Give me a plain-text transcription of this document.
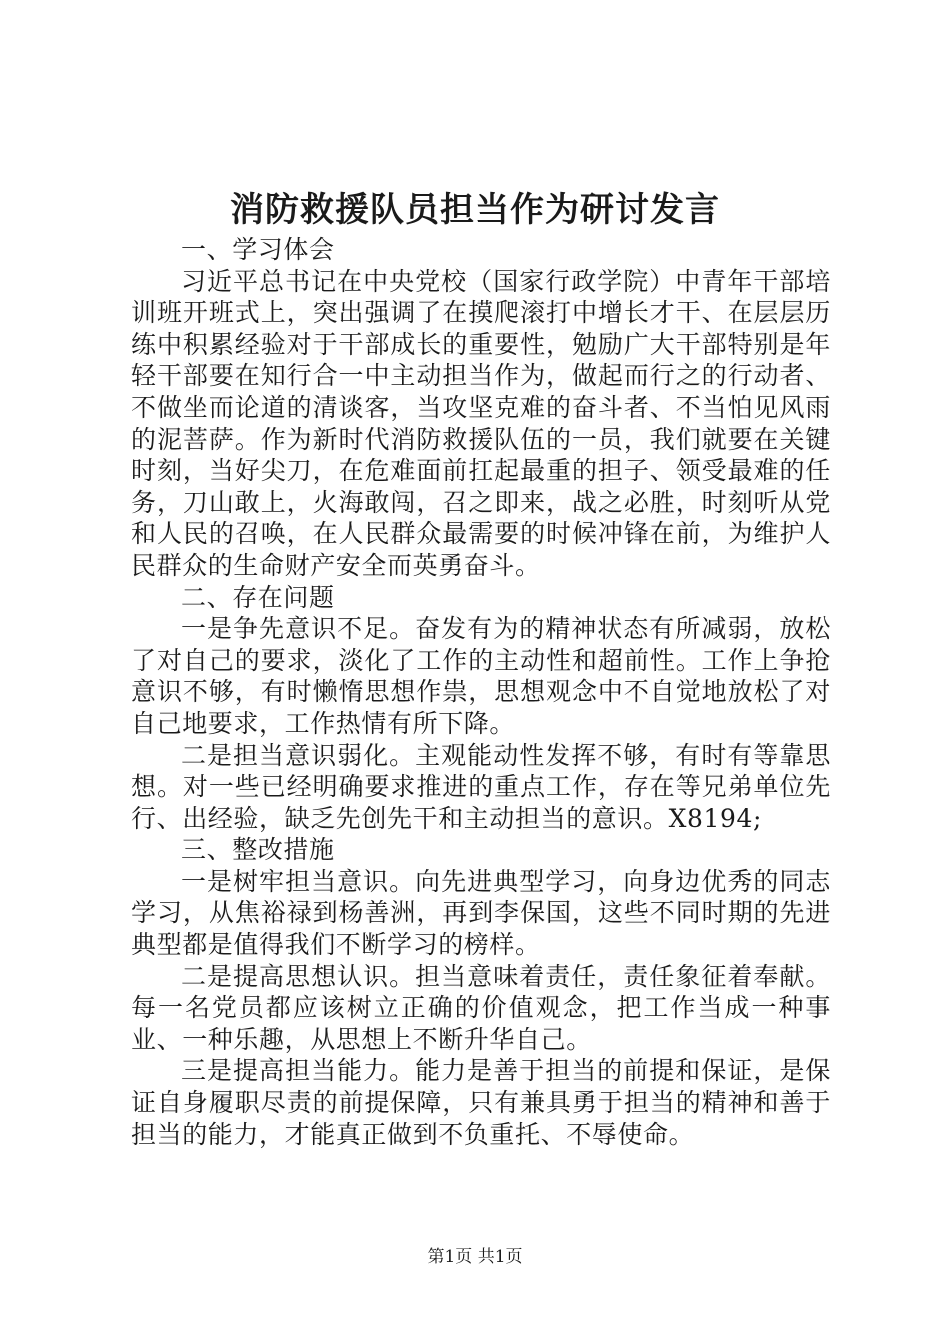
消防救援队员担当作为研讨发言

一、学习体会

习近平总书记在中央党校（国家行政学院）中青年干部培训班开班式上，突出强调了在摸爬滚打中增长才干、在层层历练中积累经验对于干部成长的重要性，勉励广大干部特别是年轻干部要在知行合一中主动担当作为，做起而行之的行动者、不做坐而论道的清谈客，当攻坚克难的奋斗者、不当怕见风雨的泥菩萨。作为新时代消防救援队伍的一员，我们就要在关键时刻，当好尖刀，在危难面前扛起最重的担子、领受最难的任务，刀山敢上，火海敢闯，召之即来，战之必胜，时刻听从党和人民的召唤，在人民群众最需要的时候冲锋在前，为维护人民群众的生命财产安全而英勇奋斗。

二、存在问题

一是争先意识不足。奋发有为的精神状态有所减弱，放松了对自己的要求，淡化了工作的主动性和超前性。工作上争抢意识不够，有时懒惰思想作祟，思想观念中不自觉地放松了对自己地要求，工作热情有所下降。

二是担当意识弱化。主观能动性发挥不够，有时有等靠思想。对一些已经明确要求推进的重点工作，存在等兄弟单位先行、出经验，缺乏先创先干和主动担当的意识。X8194;

三、整改措施

一是树牢担当意识。向先进典型学习，向身边优秀的同志学习，从焦裕禄到杨善洲，再到李保国，这些不同时期的先进典型都是值得我们不断学习的榜样。

二是提高思想认识。担当意味着责任，责任象征着奉献。每一名党员都应该树立正确的价值观念，把工作当成一种事业、一种乐趣，从思想上不断升华自己。

三是提高担当能力。能力是善于担当的前提和保证，是保证自身履职尽责的前提保障，只有兼具勇于担当的精神和善于担当的能力，才能真正做到不负重托、不辱使命。

第1页 共1页
